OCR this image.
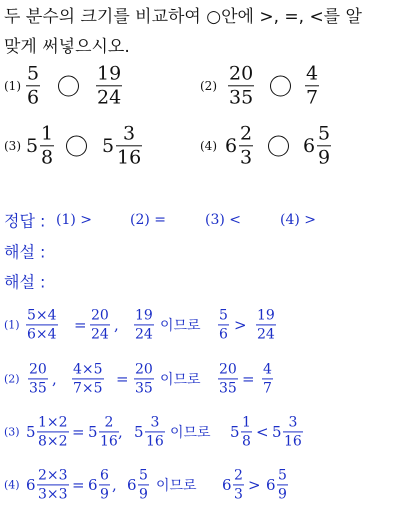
두 분수의 크기를 비교하여 ○안에 >, =, <를 알
맞게 써넣으시오.
(1)
5
6
19
24
(2)
20
35
4
7
(3) 5
1
8
5
3
16
(4) 6
2
3
6
5
9
정답 : (1) >	(2) =	(3) <	(4) >
해설 :
해설 :
(1)
5×4
6×4
=
20
24
,
19
24
이므로
5
6
>
19
24
(2)
20
35
,
4×5
7×5
=
20
35
이므로
20
35
=
4
7
(3) 5
1×2
8×2
= 5
2
16
, 5
3
16
이므로 5
1
8
< 5
3
16
(4) 6
2×3
3×3
= 6
6
9
, 6
5
9
이므로 6
2
3
> 6
5
9
